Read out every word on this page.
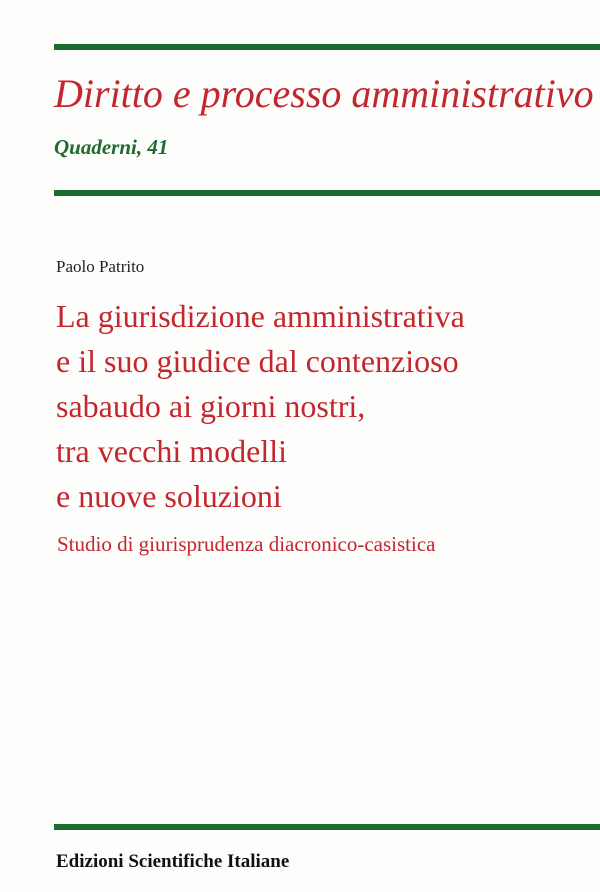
Diritto e processo amministrativo
Quaderni, 41
Paolo Patrito
La giurisdizione amministrativa
e il suo giudice dal contenzioso
sabaudo ai giorni nostri,
tra vecchi modelli
e nuove soluzioni
Studio di giurisprudenza diacronico-casistica
Edizioni Scientifiche Italiane
